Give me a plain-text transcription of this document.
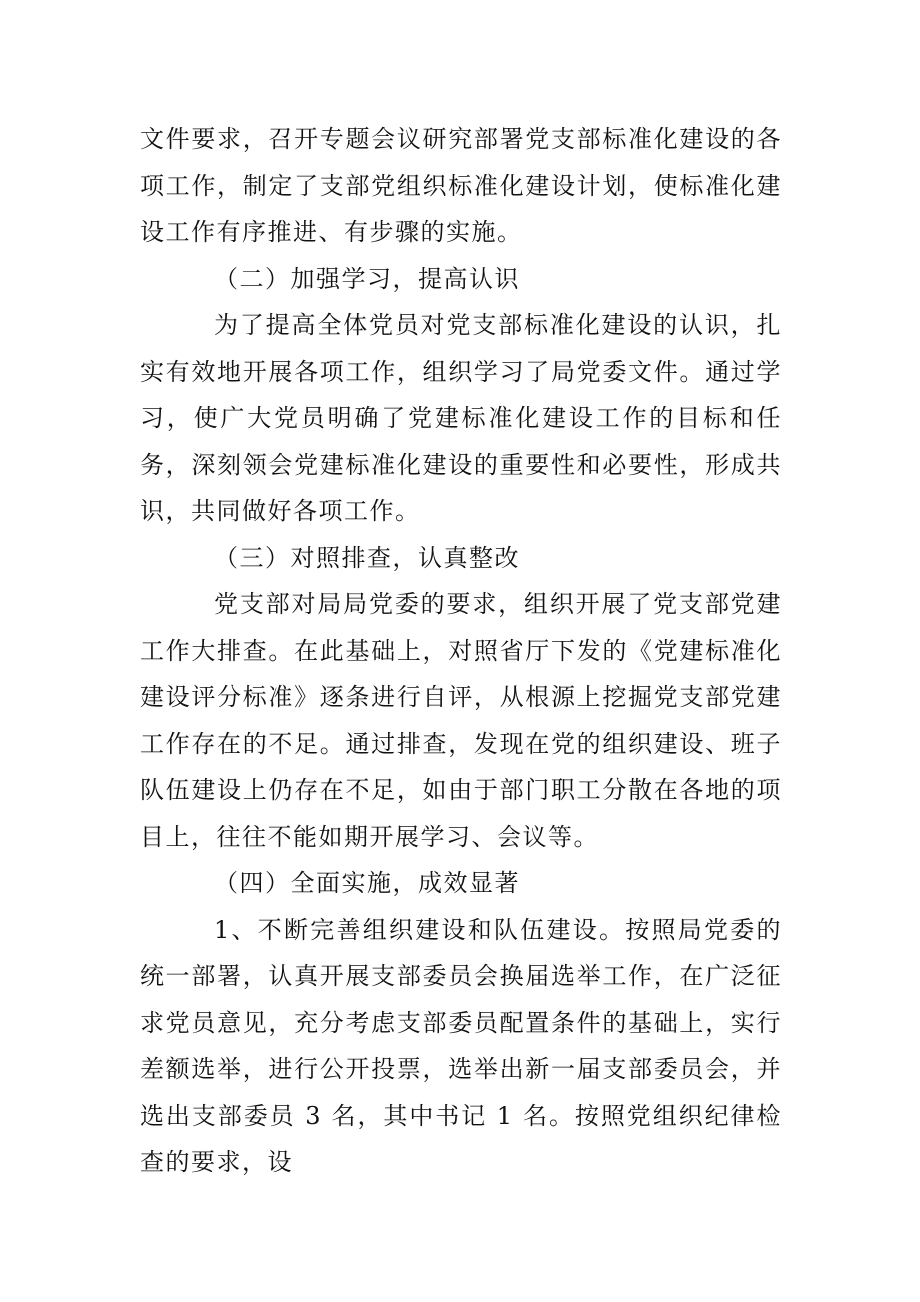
文件要求，召开专题会议研究部署党支部标准化建设的各项工作，制定了支部党组织标准化建设计划，使标准化建设工作有序推进、有步骤的实施。

（二）加强学习，提高认识

为了提高全体党员对党支部标准化建设的认识，扎实有效地开展各项工作，组织学习了局党委文件。通过学习，使广大党员明确了党建标准化建设工作的目标和任务，深刻领会党建标准化建设的重要性和必要性，形成共识，共同做好各项工作。

（三）对照排查，认真整改

党支部对局局党委的要求，组织开展了党支部党建工作大排查。在此基础上，对照省厅下发的《党建标准化建设评分标准》逐条进行自评，从根源上挖掘党支部党建工作存在的不足。通过排查，发现在党的组织建设、班子队伍建设上仍存在不足，如由于部门职工分散在各地的项目上，往往不能如期开展学习、会议等。

（四）全面实施，成效显著

1、不断完善组织建设和队伍建设。按照局党委的统一部署，认真开展支部委员会换届选举工作，在广泛征求党员意见，充分考虑支部委员配置条件的基础上，实行差额选举，进行公开投票，选举出新一届支部委员会，并选出支部委员 3 名，其中书记 1 名。按照党组织纪律检查的要求，设
